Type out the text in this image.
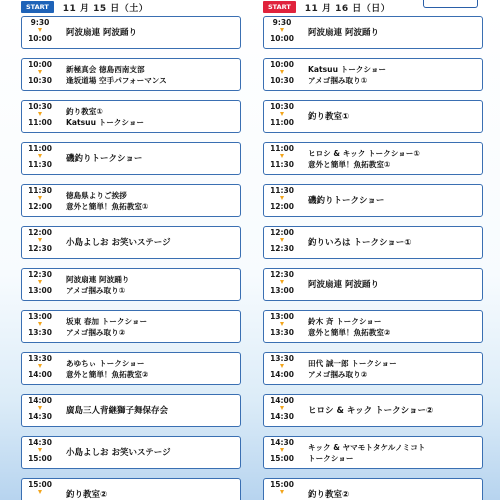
START	11 月 15 日（土）
9:30
10:00
阿波扇連 阿波踊り
10:00
10:30
新極真会 徳島西南支部
逢坂道場 空手パフォーマンス
10:30
11:00
釣り教室①
Katsuu トークショー
11:00
11:30
磯釣りトークショー
11:30
12:00
徳島県よりご挨拶
意外と簡単！魚拓教室①
12:00
12:30
小島よしお お笑いステージ
12:30
13:00
阿波扇連 阿波踊り
アメゴ掴み取り①
13:00
13:30
坂東 春加 トークショー
アメゴ掴み取り②
13:30
14:00
あゆちぃ トークショー
意外と簡単！魚拓教室②
14:00
14:30
廣島三人背継獅子舞保存会
14:30
15:00
小島よしお お笑いステージ
15:00
釣り教室②
START	11 月 16 日（日）
9:30
10:00
阿波扇連 阿波踊り
10:00
10:30
Katsuu トークショー
アメゴ掴み取り①
10:30
11:00
釣り教室①
11:00
11:30
ヒロシ & キック トークショー①
意外と簡単！魚拓教室①
11:30
12:00
磯釣りトークショー
12:00
12:30
釣りいろは トークショー①
12:30
13:00
阿波扇連 阿波踊り
13:00
13:30
鈴木 斉 トークショー
意外と簡単！魚拓教室②
13:30
14:00
田代 誠一郎 トークショー
アメゴ掴み取り②
14:00
14:30
ヒロシ & キック トークショー②
14:30
15:00
キック & ヤマモトタケルノミコト
トークショー
15:00
釣り教室②
